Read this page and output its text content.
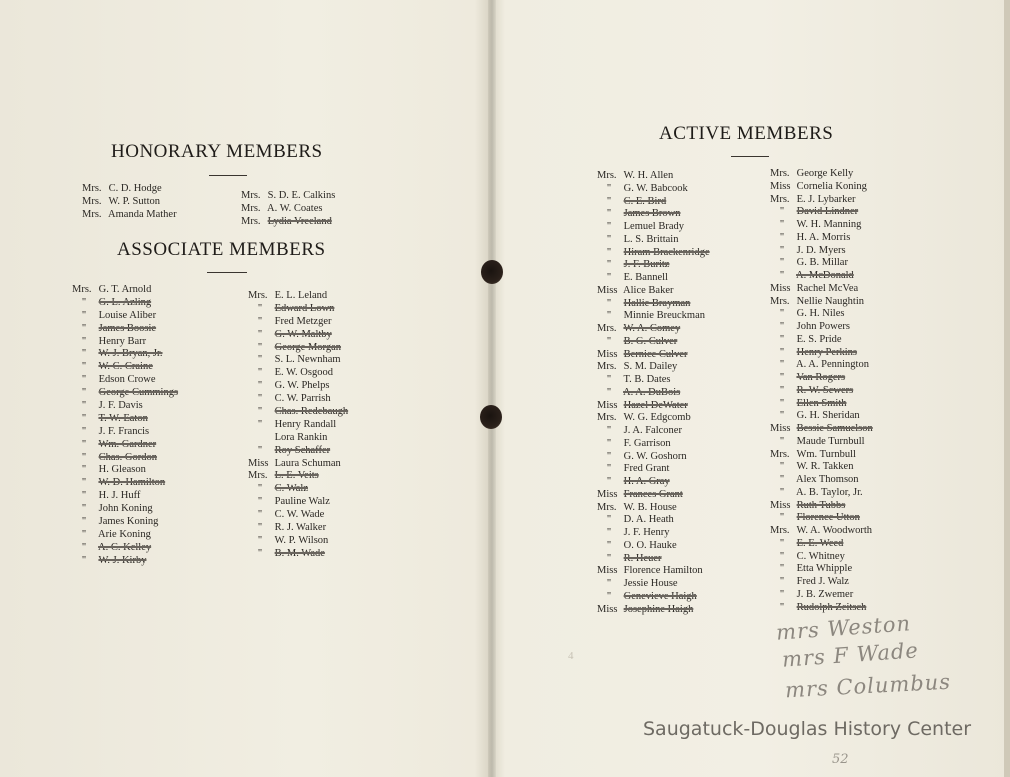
HONORARY MEMBERS
Mrs. C. D. Hodge
Mrs. W. P. Sutton
Mrs. Amanda Mather
Mrs. S. D. E. Calkins
Mrs. A. W. Coates
Mrs. Lydia Vreeland
ASSOCIATE MEMBERS
Mrs. G. T. Arnold
" G. L. Azling
" Louise Aliber
" James Boosie
" Henry Barr
" W. J. Bryan, Jr.
" W. C. Craine
" Edson Crowe
" George Cummings
" J. F. Davis
" T. W. Eaton
" J. F. Francis
" Wm. Gardner
" Chas. Gordon
" H. Gleason
" W. D. Hamilton
" H. J. Huff
" John Koning
" James Koning
" Arie Koning
" A. C. Kelley
" W. J. Kirby
Mrs. E. L. Leland
" Edward Lown
" Fred Metzger
" G. W. Maltby
" George Morgan
" S. L. Newnham
" E. W. Osgood
" G. W. Phelps
" C. W. Parrish
" Chas. Redebaugh
" Henry Randall
Lora Rankin
" Roy Schaffer
Miss Laura Schuman
Mrs. L. E. Veits
" C. Walz
" Pauline Walz
" C. W. Wade
" R. J. Walker
" W. P. Wilson
" B. M. Wade
ACTIVE MEMBERS
Mrs. W. H. Allen
" G. W. Babcook
" C. E. Bird
" James Brown
" Lemuel Brady
" L. S. Brittain
" Hiram Brackenridge
" J. F. Buritz
" E. Bannell
Miss Alice Baker
" Hallie Brayman
" Minnie Breuckman
Mrs. W. A. Comey
" B. G. Culver
Miss Bernice Culver
Mrs. S. M. Dailey
" T. B. Dates
" A. A. DuBois
Miss Hazel DeWater
Mrs. W. G. Edgcomb
" J. A. Falconer
" F. Garrison
" G. W. Goshorn
" Fred Grant
" H. A. Gray
Miss Frances Grant
Mrs. W. B. House
" D. A. Heath
" J. F. Henry
" O. O. Hauke
" R. Heuer
Miss Florence Hamilton
" Jessie House
" Genevieve Haigh
Miss Josephine Haigh
Mrs. George Kelly
Miss Cornelia Koning
Mrs. E. J. Lybarker
" David Lindner
" W. H. Manning
" H. A. Morris
" J. D. Myers
" G. B. Millar
" A. McDonald
Miss Rachel McVea
Mrs. Nellie Naughtin
" G. H. Niles
" John Powers
" E. S. Pride
" Henry Perkins
" A. A. Pennington
" Van Rogers
" R. W. Sewers
" Ellen Smith
" G. H. Sheridan
Miss Bessie Samuelson
" Maude Turnbull
Mrs. Wm. Turnbull
" W. R. Takken
" Alex Thomson
" A. B. Taylor, Jr.
Miss Ruth Tubbs
" Florence Utton
Mrs. W. A. Woodworth
" E. E. Weed
" C. Whitney
" Etta Whipple
" Fred J. Walz
" J. B. Zwemer
" Rudolph Zeitsch
mrs Weston
mrs F Wade
mrs Columbus
4
Saugatuck-Douglas History Center
52
